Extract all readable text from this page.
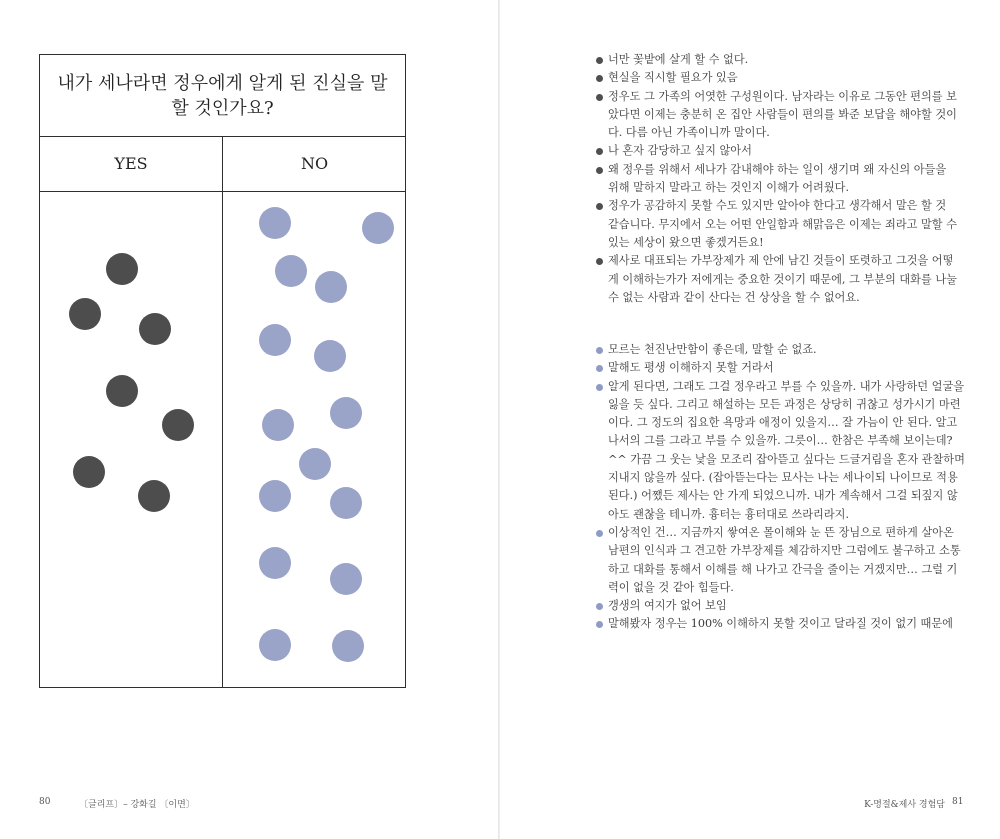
내가 세나라면 정우에게 알게 된 진실을 말할 것인가요?
YES	NO
너만 꽃밭에 살게 할 수 없다.
현실을 직시할 필요가 있음
정우도 그 가족의 어엿한 구성원이다. 남자라는 이유로 그동안 편의를 보았다면 이제는 충분히 온 집안 사람들이 편의를 봐준 보답을 해야할 것이다. 다름 아닌 가족이니까 말이다.
나 혼자 감당하고 싶지 않아서
왜 정우를 위해서 세나가 감내해야 하는 일이 생기며 왜 자신의 아들을 위해 말하지 말라고 하는 것인지 이해가 어려웠다.
정우가 공감하지 못할 수도 있지만 알아야 한다고 생각해서 말은 할 것 같습니다. 무지에서 오는 어떤 안일함과 해맑음은 이제는 죄라고 말할 수 있는 세상이 왔으면 좋겠거든요!
제사로 대표되는 가부장제가 제 안에 남긴 것들이 또렷하고 그것을 어떻게 이해하는가가 저에게는 중요한 것이기 때문에, 그 부분의 대화를 나눌 수 없는 사람과 같이 산다는 건 상상을 할 수 없어요.
모르는 천진난만함이 좋은데, 말할 순 없죠.
말해도 평생 이해하지 못할 거라서
알게 된다면, 그래도 그걸 정우라고 부를 수 있을까. 내가 사랑하던 얼굴을 잃을 듯 싶다. 그리고 해설하는 모든 과정은 상당히 귀찮고 성가시기 마련이다. 그 정도의 집요한 욕망과 애정이 있을지… 잘 가늠이 안 된다. 알고 나서의 그를 그라고 부를 수 있을까. 그릇이… 한참은 부족해 보이는데? ^^ 가끔 그 웃는 낯을 모조리 잡아뜯고 싶다는 드글거림을 혼자 관찰하며 지내지 않을까 싶다. (잡아뜯는다는 묘사는 나는 세나이되 나이므로 적용된다.) 어쨌든 제사는 안 가게 되었으니까. 내가 계속해서 그걸 되짚지 않아도 괜찮을 테니까. 흉터는 흉터대로 쓰라리라지.
이상적인 건… 지금까지 쌓여온 몰이해와 눈 뜬 장님으로 편하게 살아온 남편의 인식과 그 견고한 가부장제를 체감하지만 그럼에도 불구하고 소통하고 대화를 통해서 이해를 해 나가고 간극을 줄이는 거겠지만… 그럴 기력이 없을 것 같아 힘들다.
갱생의 여지가 없어 보임
말해봤자 정우는 100% 이해하지 못할 것이고 달라질 것이 없기 때문에
80	〔글리프〕– 강화길 〔이면〕	K-명절&제사 경험담 81
